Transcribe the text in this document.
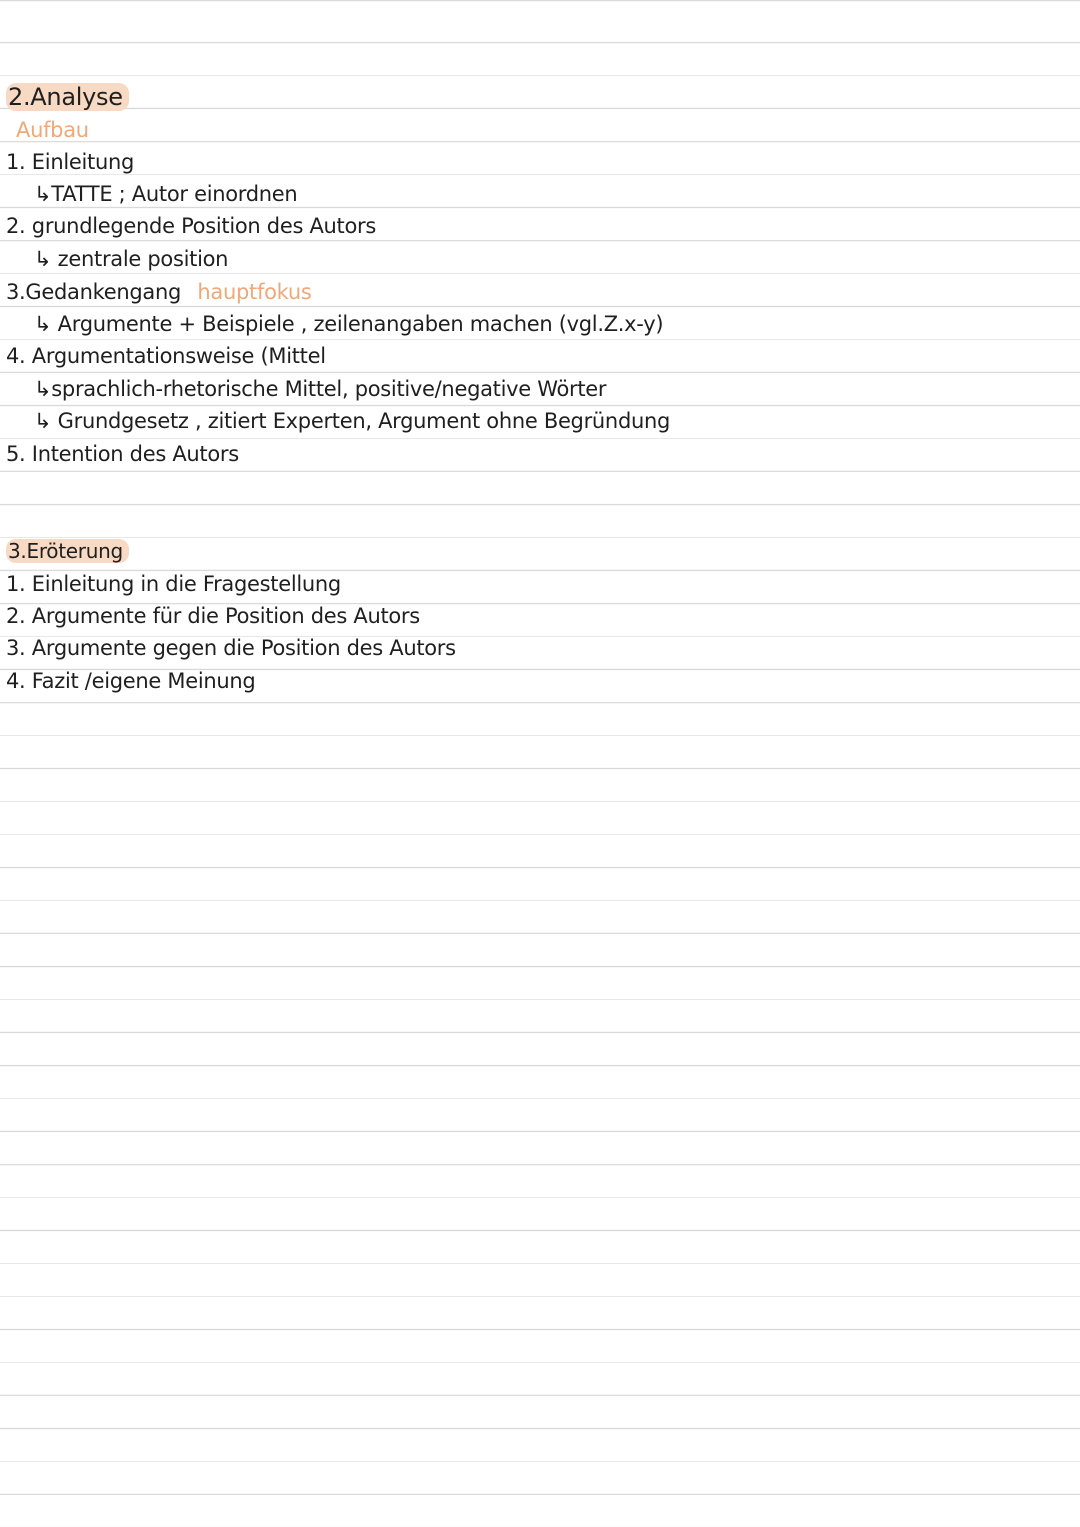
2.Analyse
Aufbau
1. Einleitung
↳TATTE ; Autor einordnen
2. grundlegende Position des Autors
↳ zentrale position
3.Gedankengang hauptfokus
↳ Argumente + Beispiele , zeilenangaben machen (vgl.Z.x-y)
4. Argumentationsweise (Mittel
↳sprachlich-rhetorische Mittel, positive/negative Wörter
↳ Grundgesetz , zitiert Experten, Argument ohne Begründung
5. Intention des Autors
3.Eröterung
1. Einleitung in die Fragestellung
2. Argumente für die Position des Autors
3. Argumente gegen die Position des Autors
4. Fazit /eigene Meinung
